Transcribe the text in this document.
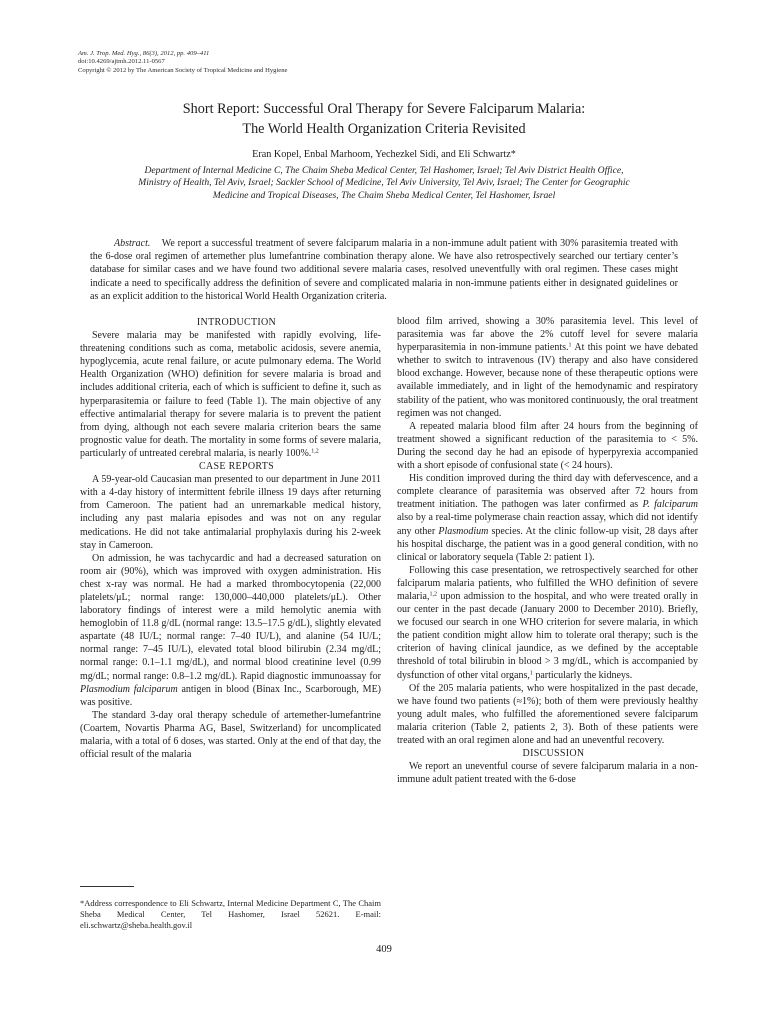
Am. J. Trop. Med. Hyg., 86(3), 2012, pp. 409–411
doi:10.4269/ajtmh.2012.11-0567
Copyright © 2012 by The American Society of Tropical Medicine and Hygiene
Short Report: Successful Oral Therapy for Severe Falciparum Malaria:
The World Health Organization Criteria Revisited
Eran Kopel, Enbal Marhoom, Yechezkel Sidi, and Eli Schwartz*
Department of Internal Medicine C, The Chaim Sheba Medical Center, Tel Hashomer, Israel; Tel Aviv District Health Office,
Ministry of Health, Tel Aviv, Israel; Sackler School of Medicine, Tel Aviv University, Tel Aviv, Israel; The Center for Geographic
Medicine and Tropical Diseases, The Chaim Sheba Medical Center, Tel Hashomer, Israel
Abstract. We report a successful treatment of severe falciparum malaria in a non-immune adult patient with 30% parasitemia treated with the 6-dose oral regimen of artemether plus lumefantrine combination therapy alone. We have also retrospectively searched our tertiary center’s database for similar cases and we have found two additional severe malaria cases, resolved uneventfully with oral regimen. These cases might indicate a need to specifically address the definition of severe and complicated malaria in non-immune patients either in designated guidelines or as an explicit addition to the historical World Health Organization criteria.

INTRODUCTION

Severe malaria may be manifested with rapidly evolving, life-threatening conditions such as coma, metabolic acidosis, severe anemia, hypoglycemia, acute renal failure, or acute pulmonary edema. The World Health Organization (WHO) definition for severe malaria is broad and includes additional criteria, each of which is sufficient to define it, such as hyperparasitemia or failure to feed (Table 1). The main objective of any effective antimalarial therapy for severe malaria is to prevent the patient from dying, although not each severe malaria criterion bears the same prognostic value for death. The mortality in some forms of severe malaria, particularly of untreated cerebral malaria, is nearly 100%.$^{1,2}$

CASE REPORTS

A 59-year-old Caucasian man presented to our department in June 2011 with a 4-day history of intermittent febrile illness 19 days after returning from Cameroon. The patient had an unremarkable medical history, including any past malaria episodes and was not on any regular medications. He did not take antimalarial prophylaxis during his 2-week stay in Cameroon.

On admission, he was tachycardic and had a decreased saturation on room air (90%), which was improved with oxygen administration. His chest x-ray was normal. He had a marked thrombocytopenia (22,000 platelets/μL; normal range: 130,000–440,000 platelets/μL). Other laboratory findings of interest were a mild hemolytic anemia with hemoglobin of 11.8 g/dL (normal range: 13.5–17.5 g/dL), slightly elevated aspartate (48 IU/L; normal range: 7–40 IU/L), and alanine (54 IU/L; normal range: 7–45 IU/L), elevated total blood bilirubin (2.34 mg/dL; normal range: 0.1–1.1 mg/dL), and normal blood creatinine level (0.99 mg/dL; normal range: 0.8–1.2 mg/dL). Rapid diagnostic immunoassay for Plasmodium falciparum antigen in blood (Binax Inc., Scarborough, ME) was positive.

The standard 3-day oral therapy schedule of artemether-lumefantrine (Coartem, Novartis Pharma AG, Basel, Switzerland) for uncomplicated malaria, with a total of 6 doses, was started. Only at the end of that day, the official result of the malaria

blood film arrived, showing a 30% parasitemia level. This level of parasitemia was far above the 2% cutoff level for severe malaria hyperparasitemia in non-immune patients.$^1$ At this point we have debated whether to switch to intravenous (IV) therapy and also have considered blood exchange. However, because none of these therapeutic options were available immediately, and in light of the hemodynamic and respiratory stability of the patient, who was monitored continuously, the oral treatment regimen was not changed.

A repeated malaria blood film after 24 hours from the beginning of treatment showed a significant reduction of the parasitemia to < 5%. During the second day he had an episode of hyperpyrexia accompanied with a short episode of confusional state (< 24 hours).

His condition improved during the third day with defervescence, and a complete clearance of parasitemia was observed after 72 hours from treatment initiation. The pathogen was later confirmed as P. falciparum also by a real-time polymerase chain reaction assay, which did not identify any other Plasmodium species. At the clinic follow-up visit, 28 days after his hospital discharge, the patient was in a good general condition, with no clinical or laboratory sequela (Table 2: patient 1).

Following this case presentation, we retrospectively searched for other falciparum malaria patients, who fulfilled the WHO definition of severe malaria,$^{1,2}$ upon admission to the hospital, and who were treated orally in our center in the past decade (January 2000 to December 2010). Briefly, we focused our search in one WHO criterion for severe malaria, in which the patient condition might allow him to tolerate oral therapy; such is the criterion of having clinical jaundice, as we defined by the acceptable threshold of total bilirubin in blood > 3 mg/dL, which is accompanied by dysfunction of other vital organs,$^1$ particularly the kidneys.

Of the 205 malaria patients, who were hospitalized in the past decade, we have found two patients (≈1%); both of them were previously healthy young adult males, who fulfilled the aforementioned severe falciparum malaria criterion (Table 2, patients 2, 3). Both of these patients were treated with an oral regimen alone and had an uneventful recovery.

DISCUSSION

We report an uneventful course of severe falciparum malaria in a non-immune adult patient treated with the 6-dose

*Address correspondence to Eli Schwartz, Internal Medicine Department C, The Chaim Sheba Medical Center, Tel Hashomer, Israel 52621. E-mail: eli.schwartz@sheba.health.gov.il
409
